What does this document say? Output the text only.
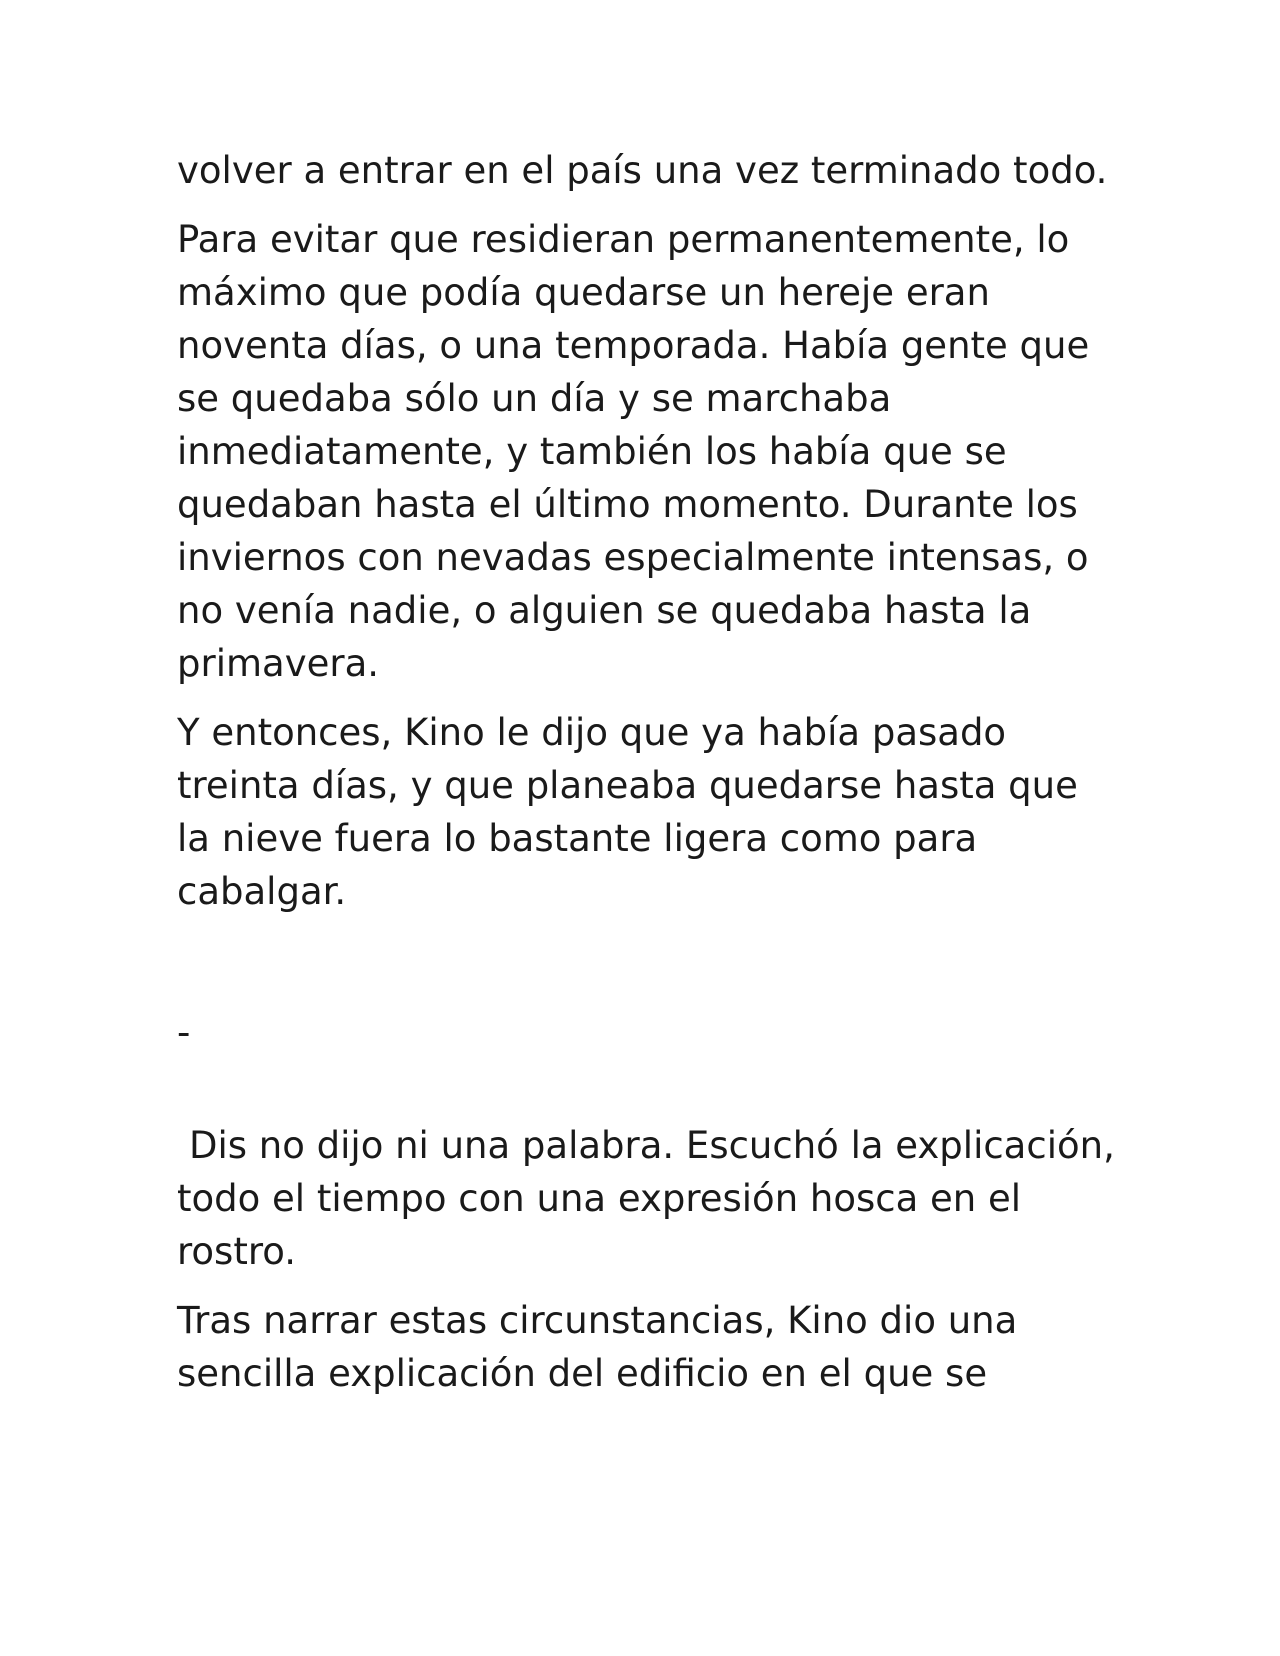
volver a entrar en el país una vez terminado todo.

Para evitar que residieran permanentemente, lo máximo que podía quedarse un hereje eran noventa días, o una temporada. Había gente que se quedaba sólo un día y se marchaba inmediatamente, y también los había que se quedaban hasta el último momento. Durante los inviernos con nevadas especialmente intensas, o no venía nadie, o alguien se quedaba hasta la primavera.

Y entonces, Kino le dijo que ya había pasado treinta días, y que planeaba quedarse hasta que la nieve fuera lo bastante ligera como para cabalgar.

-

Dis no dijo ni una palabra. Escuchó la explicación, todo el tiempo con una expresión hosca en el rostro.

Tras narrar estas circunstancias, Kino dio una sencilla explicación del edificio en el que se
